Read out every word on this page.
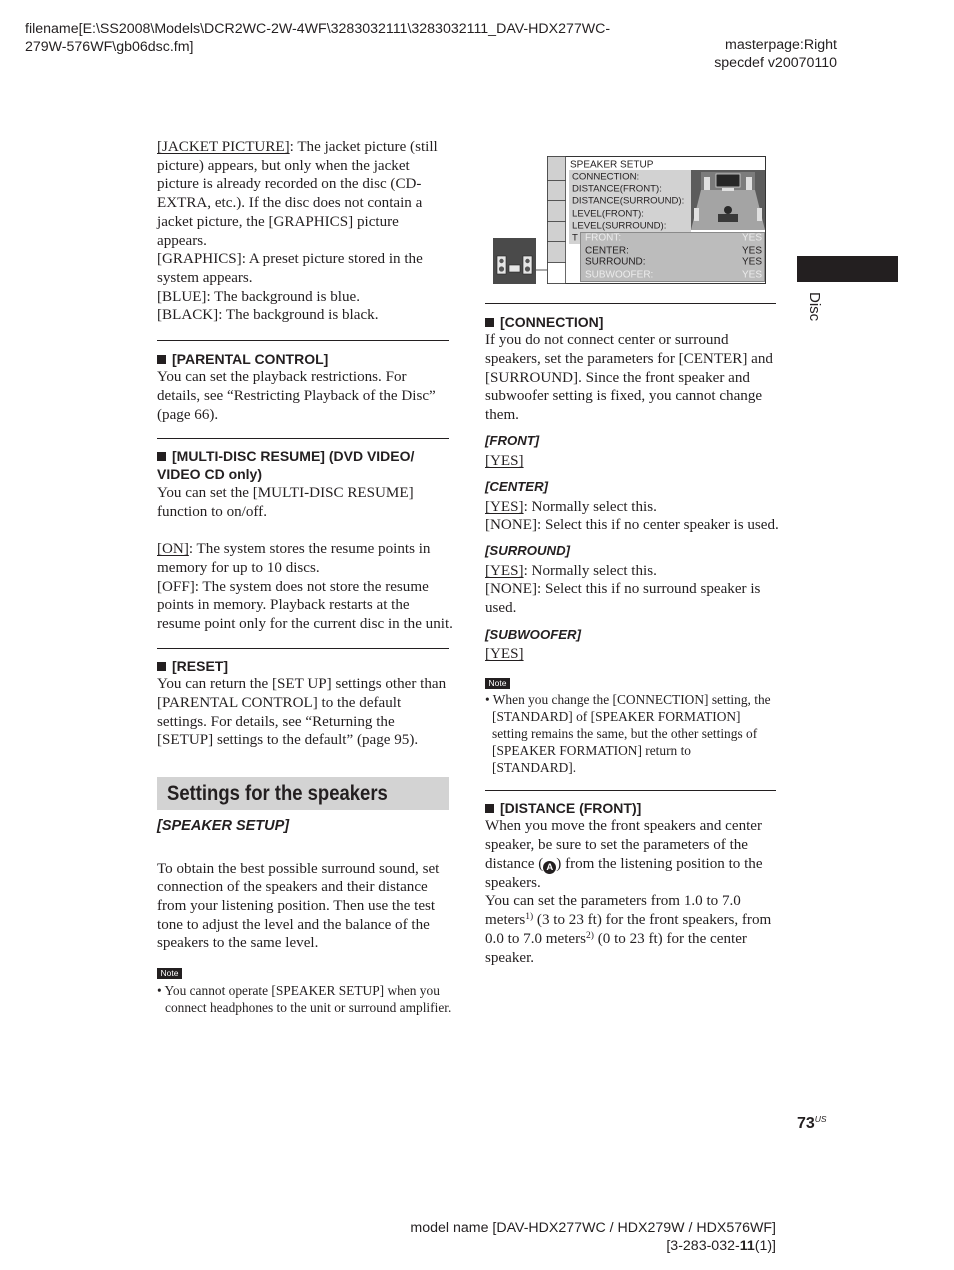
filename[E:\SS2008\Models\DCR2WC-2W-4WF\3283032111\3283032111_DAV-HDX277WC-
279W-576WF\gb06dsc.fm]	masterpage:Right
specdef v20070110
[JACKET PICTURE]: The jacket picture (still
picture) appears, but only when the jacket
picture is already recorded on the disc (CD-
EXTRA, etc.). If the disc does not contain a
jacket picture, the [GRAPHICS] picture
appears.
[GRAPHICS]: A preset picture stored in the
system appears.
[BLUE]: The background is blue.
[BLACK]: The background is black.
[PARENTAL CONTROL]
You can set the playback restrictions. For
details, see “Restricting Playback of the Disc”
(page 66).
[MULTI-DISC RESUME] (DVD VIDEO/
VIDEO CD only)
You can set the [MULTI-DISC RESUME]
function to on/off.
[ON]: The system stores the resume points in
memory for up to 10 discs.
[OFF]: The system does not store the resume
points in memory. Playback restarts at the
resume point only for the current disc in the unit.
[RESET]
You can return the [SET UP] settings other than
[PARENTAL CONTROL] to the default
settings. For details, see “Returning the
[SETUP] settings to the default” (page 95).
Settings for the speakers
[SPEAKER SETUP]
To obtain the best possible surround sound, set
connection of the speakers and their distance
from your listening position. Then use the test
tone to adjust the level and the balance of the
speakers to the same level.
Note
• You cannot operate [SPEAKER SETUP] when you
connect headphones to the unit or surround amplifier.
SPEAKER SETUP
CONNECTION:
DISTANCE(FRONT):
DISTANCE(SURROUND):
LEVEL(FRONT):
LEVEL(SURROUND):
T FRONT:	YES
CENTER:	YES
SURROUND:	YES
SUBWOOFER:	YES
[CONNECTION]
If you do not connect center or surround
speakers, set the parameters for [CENTER] and
[SURROUND]. Since the front speaker and
subwoofer setting is fixed, you cannot change
them.
[FRONT]
[YES]
[CENTER]
[YES]: Normally select this.
[NONE]: Select this if no center speaker is used.
[SURROUND]
[YES]: Normally select this.
[NONE]: Select this if no surround speaker is
used.
[SUBWOOFER]
[YES]
Note
• When you change the [CONNECTION] setting, the
[STANDARD] of [SPEAKER FORMATION]
setting remains the same, but the other settings of
[SPEAKER FORMATION] return to
[STANDARD].
[DISTANCE (FRONT)]
When you move the front speakers and center
speaker, be sure to set the parameters of the
distance ( A ) from the listening position to the
speakers.
You can set the parameters from 1.0 to 7.0
meters$^{1)}$ (3 to 23 ft) for the front speakers, from
0.0 to 7.0 meters$^{2)}$ (0 to 23 ft) for the center
speaker.
Disc
$73^{US}$
model name [DAV-HDX277WC / HDX279W / HDX576WF]
[3-283-032-11(1)]
